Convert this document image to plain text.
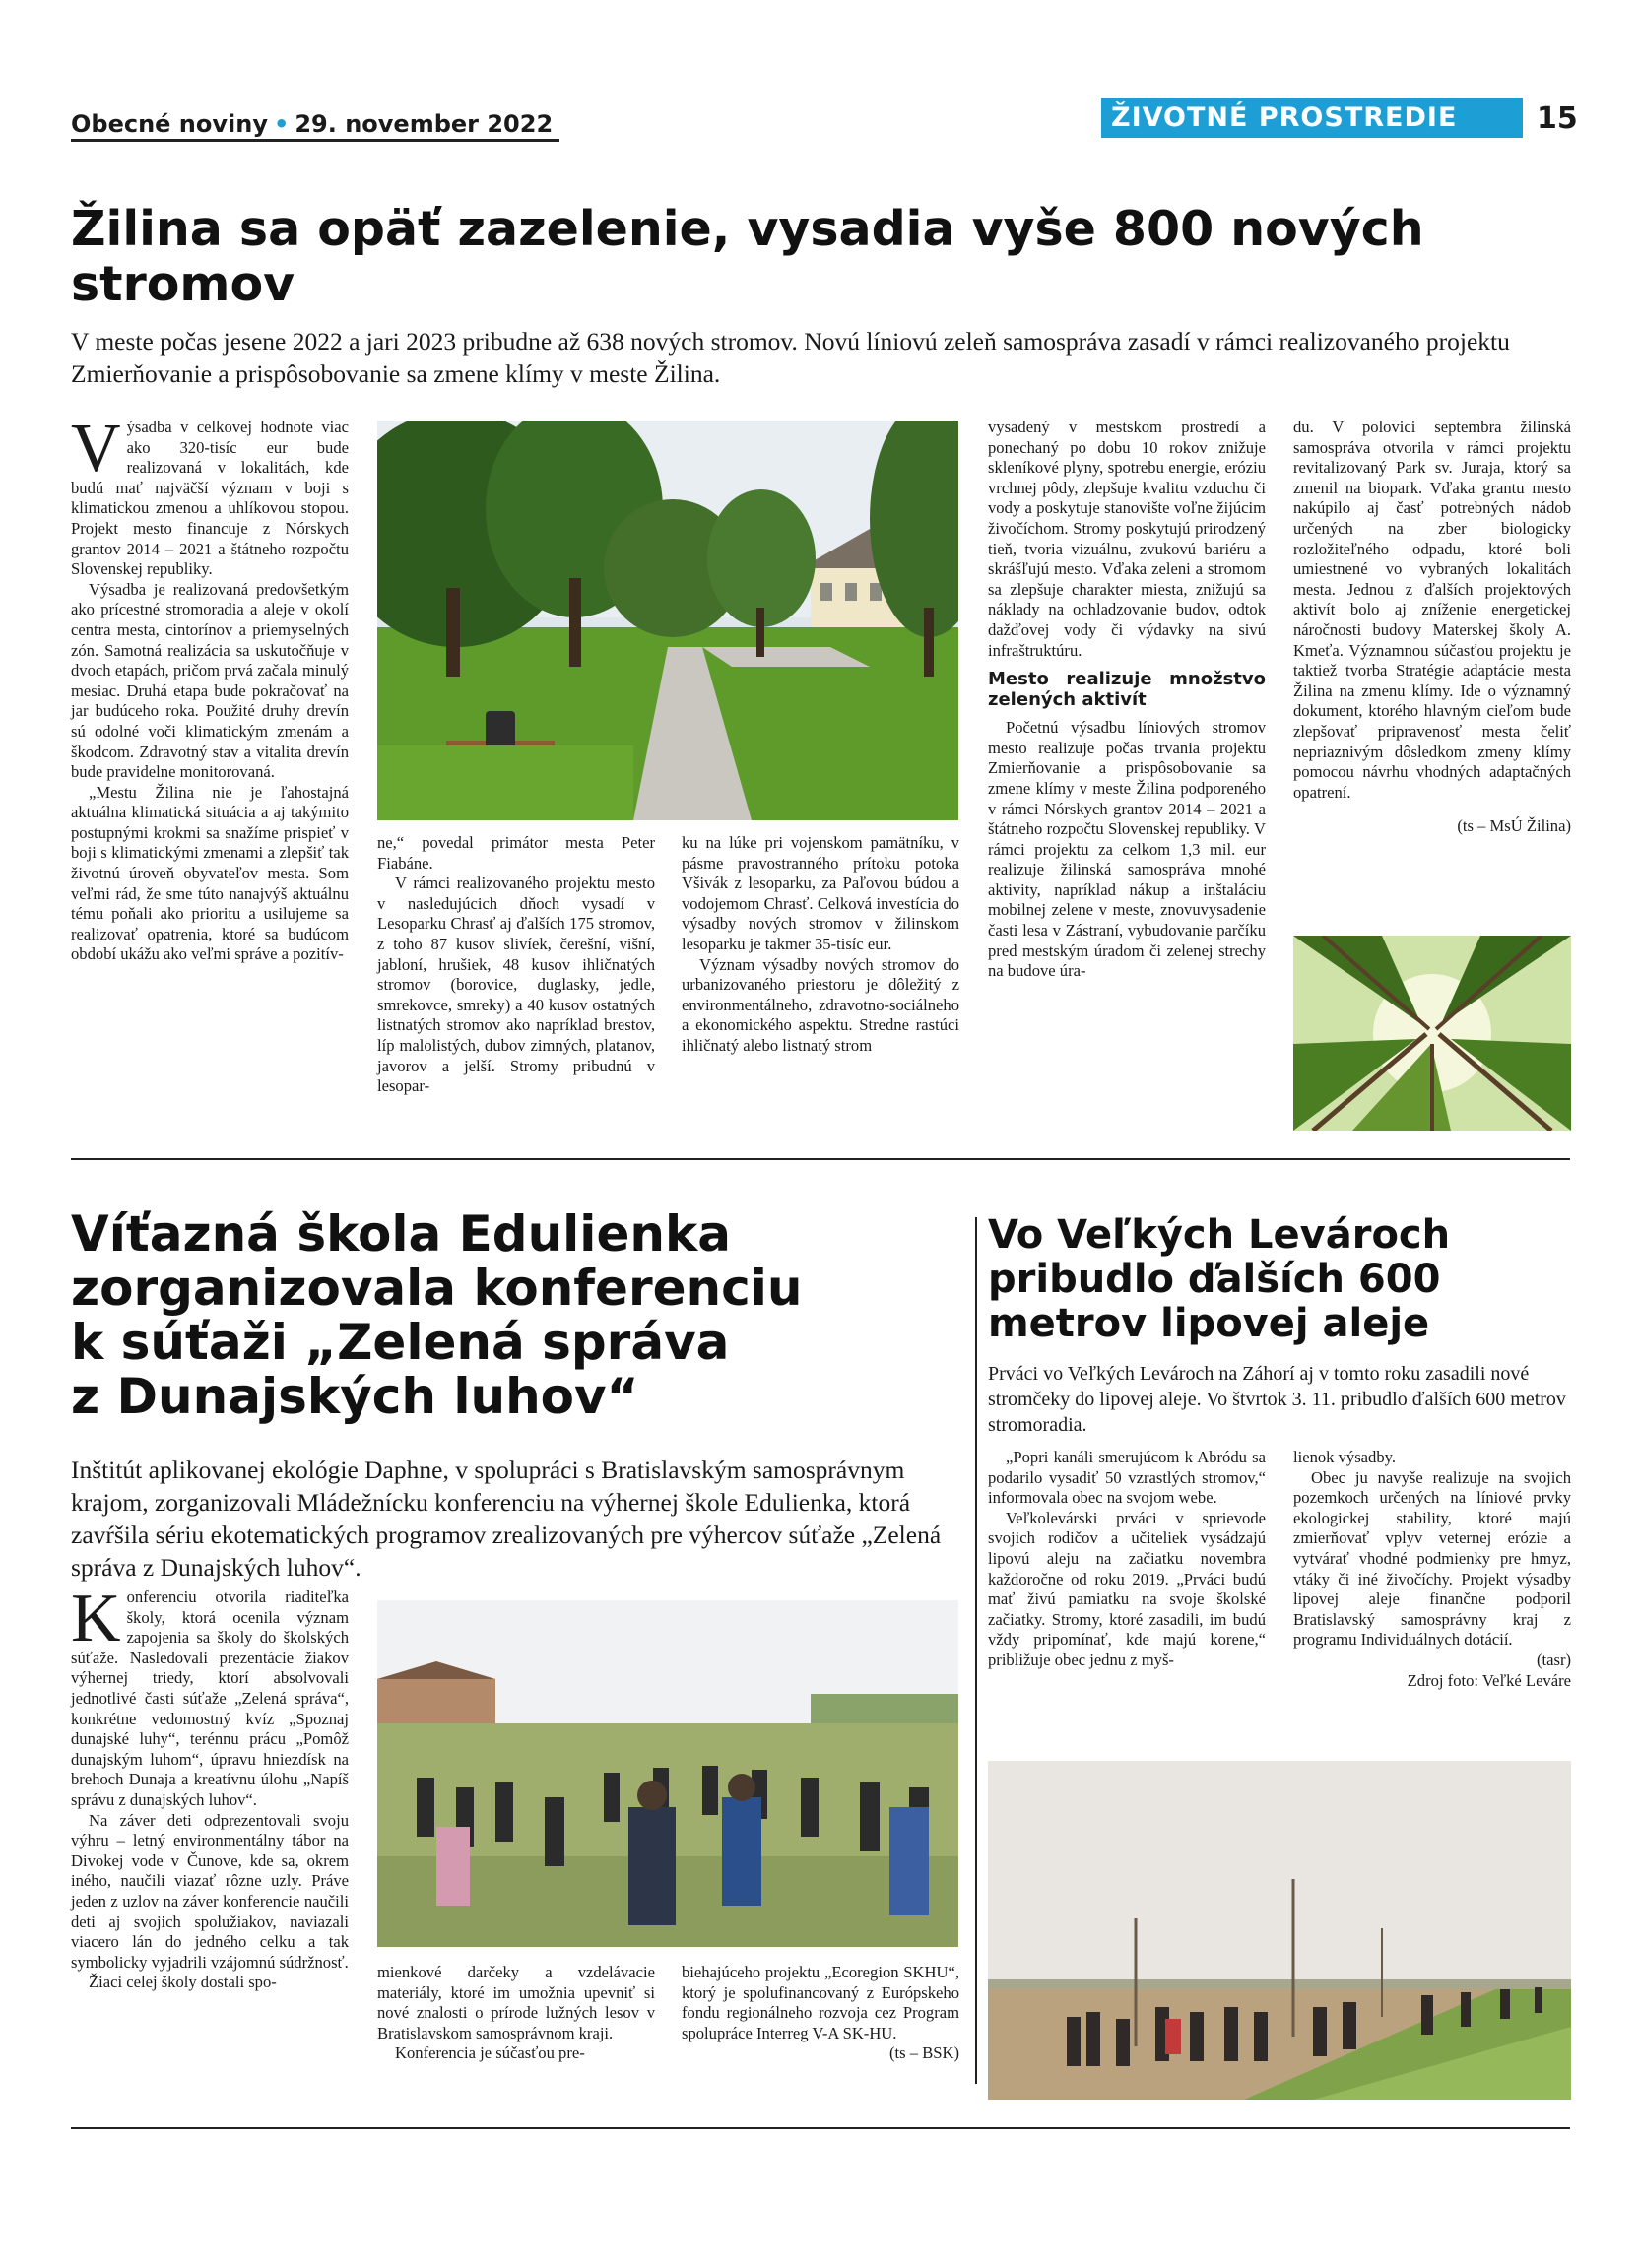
Obecné noviny • 29. november 2022	ŽIVOTNÉ PROSTREDIE	15
Žilina sa opäť zazelenie, vysadia vyše 800 nových stromov

V meste počas jesene 2022 a jari 2023 pribudne až 638 nových stromov. Novú líniovú zeleň samospráva zasadí v rámci realizovaného projektu Zmierňovanie a prispôsobovanie sa zmene klímy v meste Žilina.

Výsadba v celkovej hodnote viac ako 320-tisíc eur bude realizovaná v lokalitách, kde budú mať najväčší význam v boji s klimatickou zmenou a uhlíkovou stopou. Projekt mesto financuje z Nórskych grantov 2014 – 2021 a štátneho rozpočtu Slovenskej republiky.

Výsadba je realizovaná predovšetkým ako prícestné stromoradia a aleje v okolí centra mesta, cintorínov a priemyselných zón. Samotná realizácia sa uskutočňuje v dvoch etapách, pričom prvá začala minulý mesiac. Druhá etapa bude pokračovať na jar budúceho roka. Použité druhy drevín sú odolné voči klimatickým zmenám a škodcom. Zdravotný stav a vitalita drevín bude pravidelne monitorovaná.

„Mestu Žilina nie je ľahostajná aktuálna klimatická situácia a aj takýmito postupnými krokmi sa snažíme prispieť v boji s klimatickými zmenami a zlepšiť tak životnú úroveň obyvateľov mesta. Som veľmi rád, že sme túto nanajvýš aktuálnu tému poňali ako prioritu a usilujeme sa realizovať opatrenia, ktoré sa budúcom období ukážu ako veľmi správe a pozitív-

ne,“ povedal primátor mesta Peter Fiabáne.

V rámci realizovaného projektu mesto v nasledujúcich dňoch vysadí v Lesoparku Chrasť aj ďalších 175 stromov, z toho 87 kusov slivíek, čerešní, višní, jabloní, hrušiek, 48 kusov ihličnatých stromov (borovice, duglasky, jedle, smrekovce, smreky) a 40 kusov ostatných listnatých stromov ako napríklad brestov, líp malolistých, dubov zimných, platanov, javorov a jelší. Stromy pribudnú v lesopar-

ku na lúke pri vojenskom pamätníku, v pásme pravostranného prítoku potoka Všivák z lesoparku, za Paľovou búdou a vodojemom Chrasť. Celková investícia do výsadby nových stromov v žilinskom lesoparku je takmer 35-tisíc eur.

Význam výsadby nových stromov do urbanizovaného priestoru je dôležitý z environmentálneho, zdravotno-sociálneho a ekonomického aspektu. Stredne rastúci ihličnatý alebo listnatý strom

vysadený v mestskom prostredí a ponechaný po dobu 10 rokov znižuje skleníkové plyny, spotrebu energie, eróziu vrchnej pôdy, zlepšuje kvalitu vzduchu či vody a poskytuje stanovište voľne žijúcim živočíchom. Stromy poskytujú prirodzený tieň, tvoria vizuálnu, zvukovú bariéru a skrášľujú mesto. Vďaka zeleni a stromom sa zlepšuje charakter miesta, znižujú sa náklady na ochladzovanie budov, odtok dažďovej vody či výdavky na sivú infraštruktúru.

Mesto realizuje množstvo zelených aktivít

Početnú výsadbu líniových stromov mesto realizuje počas trvania projektu Zmierňovanie a prispôsobovanie sa zmene klímy v meste Žilina podporeného v rámci Nórskych grantov 2014 – 2021 a štátneho rozpočtu Slovenskej republiky. V rámci projektu za celkom 1,3 mil. eur realizuje žilinská samospráva mnohé aktivity, napríklad nákup a inštaláciu mobilnej zelene v meste, znovuvysadenie časti lesa v Zástraní, vybudovanie parčíku pred mestským úradom či zelenej strechy na budove úra-

du. V polovici septembra žilinská samospráva otvorila v rámci projektu revitalizovaný Park sv. Juraja, ktorý sa zmenil na biopark. Vďaka grantu mesto nakúpilo aj časť potrebných nádob určených na zber biologicky rozložiteľného odpadu, ktoré boli umiestnené vo vybraných lokalitách mesta. Jednou z ďalších projektových aktivít bolo aj zníženie energetickej náročnosti budovy Materskej školy A. Kmeťa. Významnou súčasťou projektu je taktiež tvorba Stratégie adaptácie mesta Žilina na zmenu klímy. Ide o významný dokument, ktorého hlavným cieľom bude zlepšovať pripravenosť mesta čeliť nepriaznivým dôsledkom zmeny klímy pomocou návrhu vhodných adaptačných opatrení.

(ts – MsÚ Žilina)

Víťazná škola Edulienka
zorganizovala konferenciu
k súťaži „Zelená správa
z Dunajských luhov“

Inštitút aplikovanej ekológie Daphne, v spolupráci s Bratislavským samosprávnym krajom, zorganizovali Mládežnícku konferenciu na výhernej škole Edulienka, ktorá zavŕšila sériu ekotematických programov zrealizovaných pre výhercov súťaže „Zelená správa z Dunajských luhov“.

Konferenciu otvorila riaditeľka školy, ktorá ocenila význam zapojenia sa školy do školských súťaže. Nasledovali prezentácie žiakov výhernej triedy, ktorí absolvovali jednotlivé časti súťaže „Zelená správa“, konkrétne vedomostný kvíz „Spoznaj dunajské luhy“, terénnu prácu „Pomôž dunajským luhom“, úpravu hniezdísk na brehoch Dunaja a kreatívnu úlohu „Napíš správu z dunajských luhov“.

Na záver deti odprezentovali svoju výhru – letný environmentálny tábor na Divokej vode v Čunove, kde sa, okrem iného, naučili viazať rôzne uzly. Práve jeden z uzlov na záver konferencie naučili deti aj svojich spolužiakov, naviazali viacero lán do jedného celku a tak symbolicky vyjadrili vzájomnú súdržnosť.

Žiaci celej školy dostali spo-

mienkové darčeky a vzdelávacie materiály, ktoré im umožnia upevniť si nové znalosti o prírode lužných lesov v Bratislavskom samosprávnom kraji.

Konferencia je súčasťou pre-

biehajúceho projektu „Ecoregion SKHU“, ktorý je spolufinancovaný z Európskeho fondu regionálneho rozvoja cez Program spolupráce Interreg V-A SK-HU.

(ts – BSK)

Vo Veľkých Levároch
pribudlo ďalších 600
metrov lipovej aleje

Prváci vo Veľkých Levároch na Záhorí aj v tomto roku zasadili nové stromčeky do lipovej aleje. Vo štvrtok 3. 11. pribudlo ďalších 600 metrov stromoradia.

„Popri kanáli smerujúcom k Abródu sa podarilo vysadiť 50 vzrastlých stromov,“ informovala obec na svojom webe.

Veľkolevárski prváci v sprievode svojich rodičov a učiteliek vysádzajú lipovú aleju na začiatku novembra každoročne od roku 2019. „Prváci budú mať živú pamiatku na svoje školské začiatky. Stromy, ktoré zasadili, im budú vždy pripomínať, kde majú korene,“ približuje obec jednu z myš-

lienok výsadby.

Obec ju navyše realizuje na svojich pozemkoch určených na líniové prvky ekologickej stability, ktoré majú zmierňovať vplyv veternej erózie a vytvárať vhodné podmienky pre hmyz, vtáky či iné živočíchy. Projekt výsadby lipovej aleje finančne podporil Bratislavský samosprávny kraj z programu Individuálnych dotácií.

(tasr)

Zdroj foto: Veľké Leváre
